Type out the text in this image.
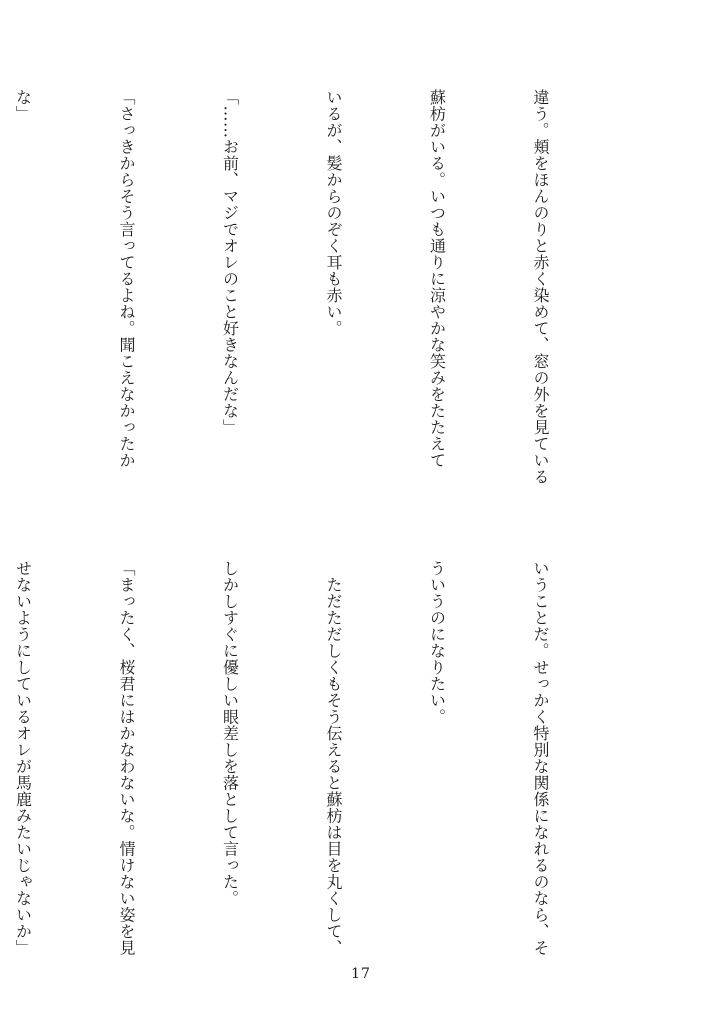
違う。頬をほんのりと赤く染めて、窓の外を見ている

蘇枋がいる。いつも通りに涼やかな笑みをたたえて

いるが、髪からのぞく耳も赤い。

「……お前、マジでオレのこと好きなんだな」

「さっきからそう言ってるよね。聞こえなかったか

な」

いうことだ。せっかく特別な関係になれるのなら、そ

ういうのになりたい。

　ただただしくもそう伝えると蘇枋は目を丸くして、

しかしすぐに優しい眼差しを落として言った。

「まったく、桜君にはかなわないな。情けない姿を見

せないようにしているオレが馬鹿みたいじゃないか」

17
